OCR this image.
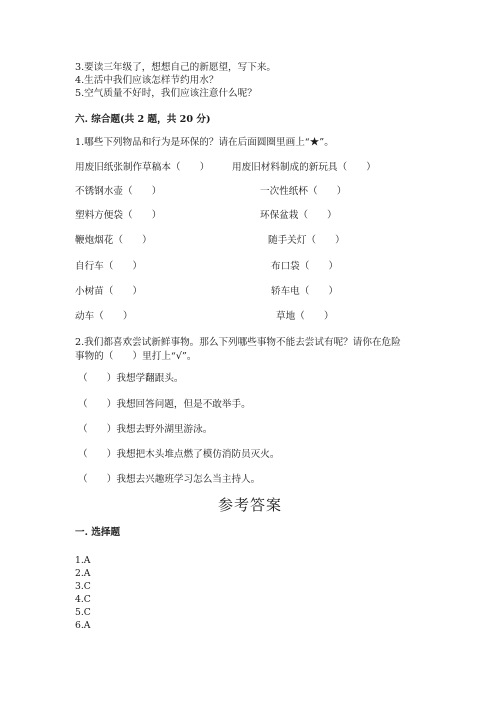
3.要读三年级了，想想自己的新愿望，写下来。
4.生活中我们应该怎样节约用水？
5.空气质量不好时，我们应该注意什么呢？
六. 综合题(共 2 题，共 20 分)
1.哪些下列物品和行为是环保的？请在后面圆圈里画上“★”。
用废旧纸张制作草稿本（　　） 用废旧材料制成的新玩具（　　）
不锈钢水壶（　　）	一次性纸杯（　　）
塑料方便袋（　　）	环保盆栽（　　）
鞭炮烟花（　　）	随手关灯（　　）
自行车（　　）	布口袋（　　）
小树苗（　　）	轿车电（　　）
动车（　　）	草地（　　）
2.我们都喜欢尝试新鲜事物。那么下列哪些事物不能去尝试有呢？请你在危险
事物的（　　）里打上“√”。
（　　）我想学翻跟头。
（　　）我想回答问题，但是不敢举手。
（　　）我想去野外湖里游泳。
（　　）我想把木头堆点燃了模仿消防员灭火。
（　　）我想去兴趣班学习怎么当主持人。
参考答案
一. 选择题
1.A
2.A
3.C
4.C
5.C
6.A
